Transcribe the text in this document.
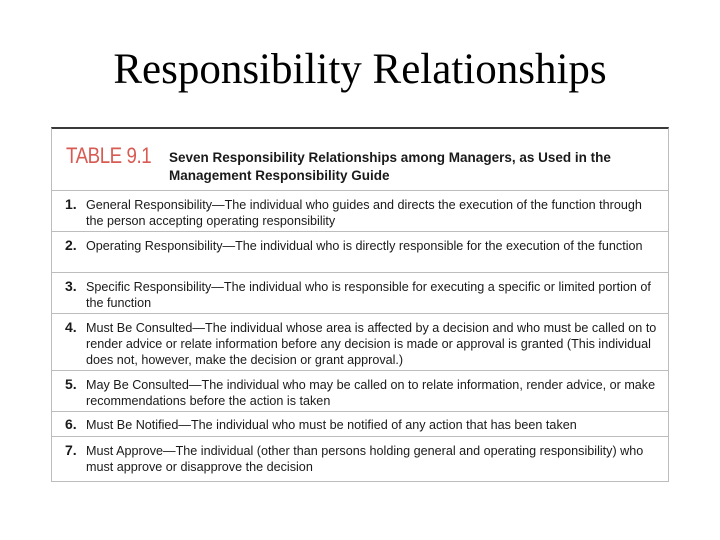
Responsibility Relationships
TABLE 9.1 Seven Responsibility Relationships among Managers, as Used in the Management Responsibility Guide
1. General Responsibility—The individual who guides and directs the execution of the function through the person accepting operating responsibility
2. Operating Responsibility—The individual who is directly responsible for the execution of the function
3. Specific Responsibility—The individual who is responsible for executing a specific or limited portion of the function
4. Must Be Consulted—The individual whose area is affected by a decision and who must be called on to render advice or relate information before any decision is made or approval is granted (This individual does not, however, make the decision or grant approval.)
5. May Be Consulted—The individual who may be called on to relate information, render advice, or make recommendations before the action is taken
6. Must Be Notified—The individual who must be notified of any action that has been taken
7. Must Approve—The individual (other than persons holding general and operating responsibility) who must approve or disapprove the decision
